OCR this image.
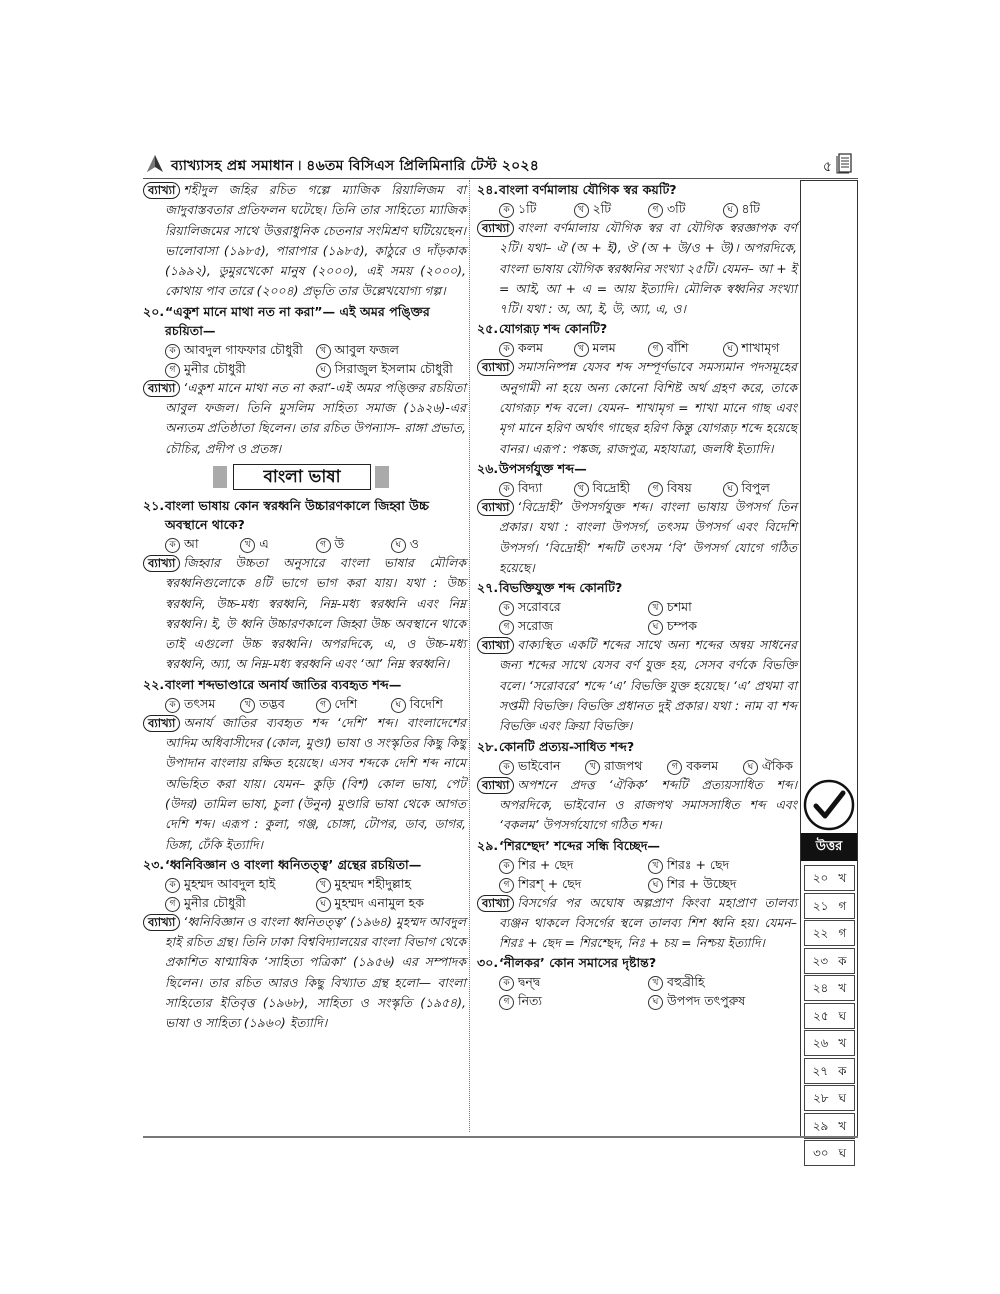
ব্যাখ্যাসহ প্রশ্ন সমাধান ৷ ৪৬তম বিসিএস প্রিলিমিনারি টেস্ট ২০২৪	৫

ব্যাখ্যা শহীদুল জহির রচিত গল্পে ম্যাজিক রিয়ালিজম বা জাদুবাস্তবতার প্রতিফলন ঘটেছে। তিনি তার সাহিত্যে ম্যাজিক রিয়ালিজমের সাথে উত্তরাধুনিক চেতনার সংমিশ্রণ ঘটিয়েছেন। ভালোবাসা (১৯৮৫), পারাপার (১৯৮৫), কাঠুরে ও দাঁড়কাক (১৯৯২), ডুমুরখেকো মানুষ (২০০০), এই সময় (২০০০), কোথায় পাব তারে (২০০৪) প্রভৃতি তার উল্লেখযোগ্য গল্প।

২০.“একুশ মানে মাথা নত না করা”— এই অমর পঙ্ক্তির রচয়িতা—

ক আবদুল গাফফার চৌধুরী	খ আবুল ফজল
গ মুনীর চৌধুরী	ঘ সিরাজুল ইসলাম চৌধুরী

ব্যাখ্যা ‘একুশ মানে মাথা নত না করা’-এই অমর পঙ্ক্তির রচয়িতা আবুল ফজল। তিনি মুসলিম সাহিত্য সমাজ (১৯২৬)-এর অন্যতম প্রতিষ্ঠাতা ছিলেন। তার রচিত উপন্যাস– রাঙ্গা প্রভাত, চৌচির, প্রদীপ ও প্রতঙ্গ।

বাংলা ভাষা

২১.বাংলা ভাষায় কোন স্বরধ্বনি উচ্চারণকালে জিহ্বা উচ্চ অবস্থানে থাকে?

ক আ	খ এ	গ উ	ঘ ও

ব্যাখ্যা জিহ্বার উচ্চতা অনুসারে বাংলা ভাষার মৌলিক স্বরধ্বনিগুলোকে ৪টি ভাগে ভাগ করা যায়। যথা : উচ্চ স্বরধ্বনি, উচ্চ-মধ্য স্বরধ্বনি, নিম্ন-মধ্য স্বরধ্বনি এবং নিম্ন স্বরধ্বনি। ই, উ ধ্বনি উচ্চারণকালে জিহ্বা উচ্চ অবস্থানে থাকে তাই এগুলো উচ্চ স্বরধ্বনি। অপরদিকে, এ, ও উচ্চ-মধ্য স্বরধ্বনি, অ্যা, অ নিম্ন-মধ্য স্বরধ্বনি এবং ‘আ’ নিম্ন স্বরধ্বনি।

২২.বাংলা শব্দভাণ্ডারে অনার্য জাতির ব্যবহৃত শব্দ—

ক তৎসম	খ তদ্ভব	গ দেশি	ঘ বিদেশি

ব্যাখ্যা অনার্য জাতির ব্যবহৃত শব্দ ‘দেশি’ শব্দ। বাংলাদেশের আদিম অধিবাসীদের (কোল, মুণ্ডা) ভাষা ও সংস্কৃতির কিছু কিছু উপাদান বাংলায় রক্ষিত হয়েছে। এসব শব্দকে দেশি শব্দ নামে অভিহিত করা যায়। যেমন– কুড়ি (বিশ) কোল ভাষা, পেট (উদর) তামিল ভাষা, চুলা (উনুন) মুণ্ডারি ভাষা থেকে আগত দেশি শব্দ। এরূপ : কুলা, গঞ্জ, চোঙ্গা, টোপর, ডাব, ডাগর, ডিঙ্গা, ঢেঁকি ইত্যাদি।

২৩.‘ধ্বনিবিজ্ঞান ও বাংলা ধ্বনিতত্ত্ব’ গ্রন্থের রচয়িতা—

ক মুহম্মদ আবদুল হাই	খ মুহম্মদ শহীদুল্লাহ
গ মুনীর চৌধুরী	ঘ মুহম্মদ এনামুল হক

ব্যাখ্যা ‘ধ্বনিবিজ্ঞান ও বাংলা ধ্বনিতত্ত্ব’ (১৯৬৪) মুহম্মদ আবদুল হাই রচিত গ্রন্থ। তিনি ঢাকা বিশ্ববিদ্যালয়ের বাংলা বিভাগ থেকে প্রকাশিত ষাণ্মাষিক ‘সাহিত্য পত্রিকা’ (১৯৫৬) এর সম্পাদক ছিলেন। তার রচিত আরও কিছু বিখ্যাত গ্রন্থ হলো— বাংলা সাহিত্যের ইতিবৃত্ত (১৯৬৮), সাহিত্য ও সংস্কৃতি (১৯৫৪), ভাষা ও সাহিত্য (১৯৬০) ইত্যাদি।

২৪.বাংলা বর্ণমালায় যৌগিক স্বর কয়টি?

ক ১টি	খ ২টি	গ ৩টি	ঘ ৪টি

ব্যাখ্যা বাংলা বর্ণমালায় যৌগিক স্বর বা যৌগিক স্বরজ্ঞাপক বর্ণ ২টি। যথা– ঐ (অ + ই), ঔ (অ + উ/ও + উ)। অপরদিকে, বাংলা ভাষায় যৌগিক স্বরধ্বনির সংখ্যা ২৫টি। যেমন– আ + ই = আই, আ + এ = আয় ইত্যাদি। মৌলিক স্বধ্বনির সংখ্যা ৭টি। যথা : অ, আ, ই, উ, অ্যা, এ, ও।

২৫.যোগরূঢ় শব্দ কোনটি?

ক কলম	খ মলম	গ বাঁশি	ঘ শাখামৃগ

ব্যাখ্যা সমাসনিষ্পন্ন যেসব শব্দ সম্পূর্ণভাবে সমস্যমান পদসমূহের অনুগামী না হয়ে অন্য কোনো বিশিষ্ট অর্থ গ্রহণ করে, তাকে যোগরূঢ় শব্দ বলে। যেমন– শাখামৃগ = শাখা মানে গাছ এবং মৃগ মানে হরিণ অর্থাৎ গাছের হরিণ কিন্তু যোগরূঢ় শব্দে হয়েছে বানর। এরূপ : পঙ্কজ, রাজপুত্র, মহাযাত্রা, জলধি ইত্যাদি।

২৬.উপসর্গযুক্ত শব্দ—

ক বিদ্যা	খ বিদ্রোহী	গ বিষয়	ঘ বিপুল

ব্যাখ্যা ‘বিদ্রোহী’ উপসর্গযুক্ত শব্দ। বাংলা ভাষায় উপসর্গ তিন প্রকার। যথা : বাংলা উপসর্গ, তৎসম উপসর্গ এবং বিদেশি উপসর্গ। ‘বিদ্রোহী’ শব্দটি তৎসম ‘বি’ উপসর্গ যোগে গঠিত হয়েছে।

২৭.বিভক্তিযুক্ত শব্দ কোনটি?

ক সরোবরে	খ চশমা
গ সরোজ	ঘ চম্পক

ব্যাখ্যা বাক্যস্থিত একটি শব্দের সাথে অন্য শব্দের অন্বয় সাধনের জন্য শব্দের সাথে যেসব বর্ণ যুক্ত হয়, সেসব বর্ণকে বিভক্তি বলে। ‘সরোবরে’ শব্দে ‘এ’ বিভক্তি যুক্ত হয়েছে। ‘এ’ প্রথমা বা সপ্তমী বিভক্তি। বিভক্তি প্রধানত দুই প্রকার। যথা : নাম বা শব্দ বিভক্তি এবং ক্রিয়া বিভক্তি।

২৮.কোনটি প্রত্যয়-সাধিত শব্দ?

ক ভাইবোন	খ রাজপথ	গ বকলম	ঘ ঐকিক

ব্যাখ্যা অপশনে প্রদত্ত ‘ঐকিক’ শব্দটি প্রত্যয়সাধিত শব্দ। অপরদিকে, ভাইবোন ও রাজপথ সমাসসাধিত শব্দ এবং ‘বকলম’ উপসর্গযোগে গঠিত শব্দ।

২৯.‘শিরশ্ছেদ’ শব্দের সন্ধি বিচ্ছেদ—

ক শির + ছেদ	খ শিরঃ + ছেদ
গ শিরশ্ + ছেদ	ঘ শির + উচ্ছেদ

ব্যাখ্যা বিসর্গের পর অঘোষ অল্পপ্রাণ কিংবা মহাপ্রাণ তালব্য ব্যঞ্জন থাকলে বিসর্গের স্থলে তালব্য শিশ ধ্বনি হয়। যেমন– শিরঃ + ছেদ = শিরশ্ছেদ, নিঃ + চয় = নিশ্চয় ইত্যাদি।

৩০.‘নীলকর’ কোন সমাসের দৃষ্টান্ত?

ক দ্বন্দ্ব	খ বহুব্রীহি
গ নিত্য	ঘ উপপদ তৎপুরুষ
উত্তর
২০ খ
২১ গ
২২ গ
২৩ ক
২৪ খ
২৫ ঘ
২৬ খ
২৭ ক
২৮ ঘ
২৯ খ
৩০ ঘ
